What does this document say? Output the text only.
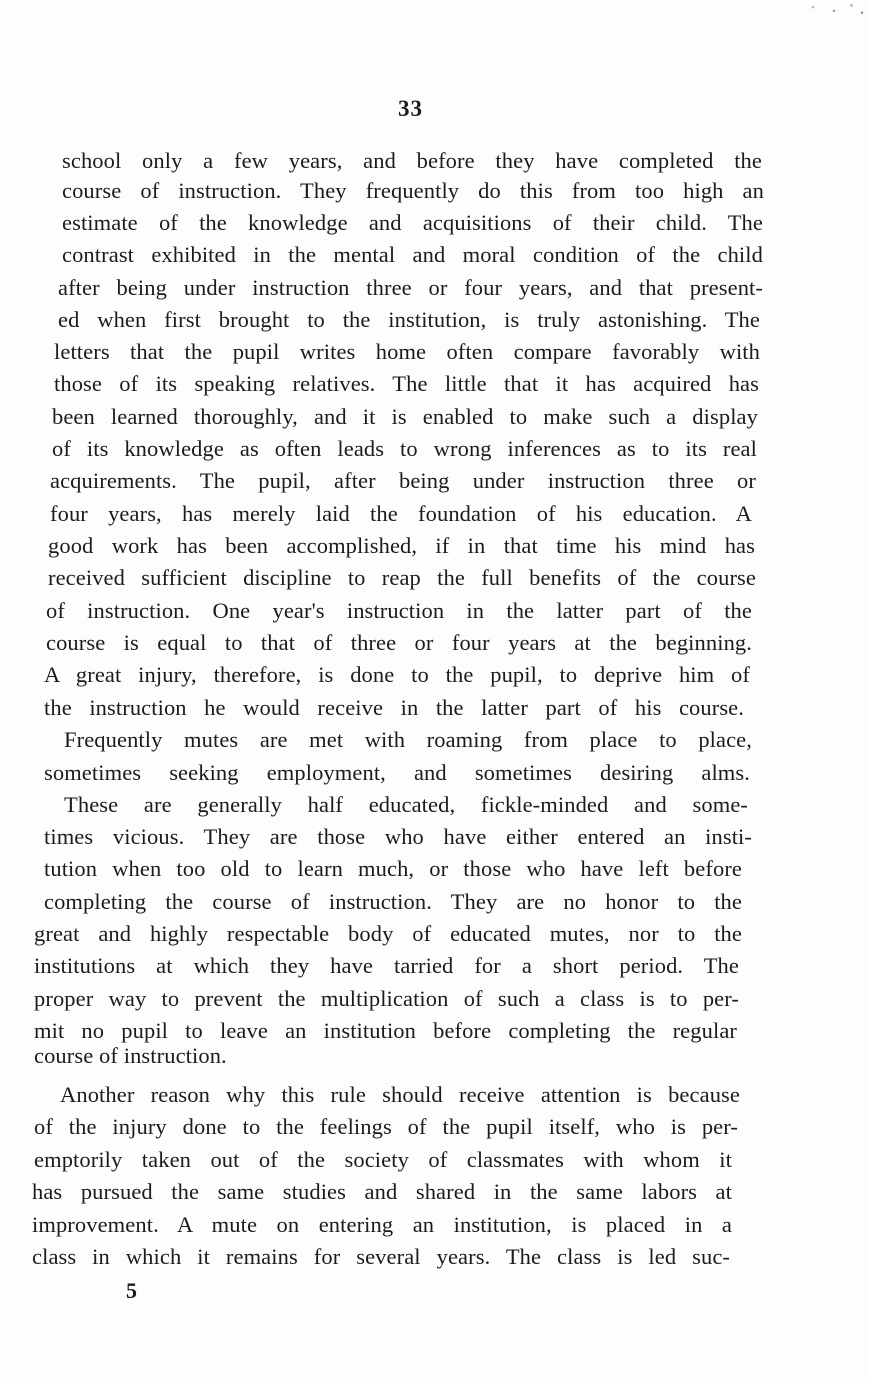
33
school only a few years, and before they have completed the
course of instruction. They frequently do this from too high an
estimate of the knowledge and acquisitions of their child. The
contrast exhibited in the mental and moral condition of the child
after being under instruction three or four years, and that present-
ed when first brought to the institution, is truly astonishing. The
letters that the pupil writes home often compare favorably with
those of its speaking relatives. The little that it has acquired has
been learned thoroughly, and it is enabled to make such a display
of its knowledge as often leads to wrong inferences as to its real
acquirements. The pupil, after being under instruction three or
four years, has merely laid the foundation of his education. A
good work has been accomplished, if in that time his mind has
received sufficient discipline to reap the full benefits of the course
of instruction. One year's instruction in the latter part of the
course is equal to that of three or four years at the beginning.
A great injury, therefore, is done to the pupil, to deprive him of
the instruction he would receive in the latter part of his course.
Frequently mutes are met with roaming from place to place,
sometimes seeking employment, and sometimes desiring alms.
These are generally half educated, fickle-minded and some-
times vicious. They are those who have either entered an insti-
tution when too old to learn much, or those who have left before
completing the course of instruction. They are no honor to the
great and highly respectable body of educated mutes, nor to the
institutions at which they have tarried for a short period. The
proper way to prevent the multiplication of such a class is to per-
mit no pupil to leave an institution before completing the regular
course of instruction.
Another reason why this rule should receive attention is because
of the injury done to the feelings of the pupil itself, who is per-
emptorily taken out of the society of classmates with whom it
has pursued the same studies and shared in the same labors at
improvement. A mute on entering an institution, is placed in a
class in which it remains for several years. The class is led suc-
5
